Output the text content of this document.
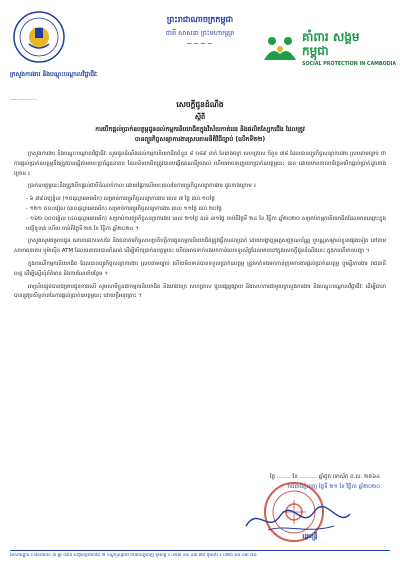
ព្រះរាជាណាចក្រកម្ពុជា
ជាតិ សាសនា ព្រះមហាក្សត្រ
~~~~	គាំពារ សង្គម កម្ពុជា
SOCIAL PROTECTION IN CAMBODIA
ក្រសួងការងារ និងបណ្តុះបណ្តាលវិជ្ជាជីវៈ
.................
សេចក្តីជូនដំណឹង
ស្តីពី
ការបើកផ្តល់ប្រាក់ឧបត្ថម្ភជូនដល់កម្មករនិយោជិតក្នុងវិស័យកាត់ដេរ និងផលិតស្បែកជើង ដែលត្រូវ
បានព្យួរកិច្ចសន្យាការងារស្របតាមនីតិវិធីច្បាប់ (លើកទី២២)

ក្រសួងការងារ និងបណ្តុះបណ្តាលវិជ្ជាជីវៈ សូមជូនដំណឹងដល់កម្មករនិយោជិតចំនួន ៨ ០៨៩ នាក់ នៃរោងចក្រ សហគ្រាស ចំនួន ៧៨ ដែលបានព្យួរកិច្ចសន្យាការងារ ស្របតាមច្បាប់ ថាការផ្តល់ប្រាក់ឧបត្ថម្ភនឹងត្រូវបានធ្វើតាមរយៈប្រព័ន្ធធនាគារ ដែលនិយោជិតត្រូវបានបង្កើតគណនីរួចរាល់ ហើយអាចទាញយកប្រាក់ឧបត្ថម្ភនេះ បាន ដោយមានកាលបរិច្ឆេទបើកផ្តល់ប្រាក់ដូចខាងក្រោម ៖

ប្រាក់ឧបត្ថម្ភនេះនឹងត្រូវបើកផ្តល់ជាបីដំណាក់កាល ដោយផ្អែកលើរយៈពេលនៃការព្យួរកិច្ចសន្យាការងារ ដូចខាងក្រោម ៖

- ៦ ៧៩០ប្រៀល (១៥ដុល្លារអាមេរិក) សម្រាប់ការព្យួរកិច្ចសន្យាការងារ ពេល ៧ ថ្ងៃ ដល់ ១០ថ្ងៃ
- ១២១ ៥០០រៀល (៣០ដុល្លារអាមេរិក) សម្រាប់ការព្យួរកិច្ចសន្យាការងារ ពេល ១១ថ្ងៃ ដល់ ២០ថ្ងៃ
- ១៦២ ០០០រៀល (៤០ដុល្លារអាមេរិក) សម្រាប់ការព្យួរកិច្ចសន្យាការងារ ពេល ២១ថ្ងៃ ដល់ ៣១ថ្ងៃ ចាប់ពីថ្ងៃទី ២៤ ខែ វិច្ឆិកា ឆ្នាំ២០២០ សម្រាប់កម្មករនិយោជិតដែលមានឈ្មោះក្នុងបញ្ជីទូទាត់ ហើយ ចាប់ពីថ្ងៃទី ២៥ ខែ វិច្ឆិកា ឆ្នាំ២០២០ ។

ក្រសួងសូមជម្រាបជូន ធនាគារឯកទេសនៃ និងធនាគារកិច្ចសហប្រតិបត្តិការជូនកម្មករនិយោជិតត្រូវធ្វើការដកប្រាក់ ដោយបង្ហាញអត្តសញ្ញាណប័ណ្ណ ឬបណ្ណសម្គាល់ខ្លួនផ្សេងទៀត នៅតាមសាខាធនាគារ ឬម៉ាស៊ីន ATM ដែលធនាគារបានកំណត់ ដើម្បីបើកប្រាក់ឧបត្ថម្ភនេះ ហើយអាចទាក់ទងមកកាន់លេខទូរស័ព្ទដែលមាននៅក្នុងសេចក្តីជូនដំណឹងនេះ ក្នុងករណីមានបញ្ហា ។

ក្នុងករណីកម្មករនិយោជិត ដែលបានព្យួរកិច្ចសន្យាការងារ ស្របតាមច្បាប់ ហើយមិនទាន់បានទទួលប្រាក់ឧបត្ថម្ភ ត្រូវទាក់ទងមកកាន់ក្រុមការងារផ្តល់ប្រាក់ឧបត្ថម្ភ ឬមន្ទីរការងារ រាជធានី ខេត្ត ដើម្បីស្នើសុំព័ត៌មាន និងការណែនាំបន្ថែម ។

អាស្រ័យដូចបានជម្រាបជូនខាងលើ សូមសាមីខ្លួនជាកម្មករនិយោជិត និងរោងចក្រ សហគ្រាស ជួយផ្សព្វផ្សាយ និងសហការជាមួយក្រសួងការងារ និងបណ្តុះបណ្តាលវិជ្ជាជីវៈ ដើម្បីធានាបាននូវប្រសិទ្ធភាពនៃការផ្តល់ប្រាក់ឧបត្ថម្ភនេះ ដោយក្តីអនុគ្រោះ ។

ថ្ងៃ ........ ខែ .......... ឆ្នាំជូត ទោស័ក ព.ស. ២៥៦៤
រាជធានីភ្នំពេញ ថ្ងៃទី ២១ ខែ វិច្ឆិកា ឆ្នាំ២០២០
រដ្ឋមន្ត្រី
អាសយដ្ឋាន ៖ អគារលេខ ៣ ផ្លូវ ៥៩៨ សង្កាត់ច្រាំងចំរេះ ២ ខណ្ឌឬស្សីកែវ រាជធានីភ្នំពេញ ទូរស័ព្ទ ៖ ០២៣ ៨៨ ៤៣ ៧៥ ទូរសារ ៖ ០២៣ ៨៨ ៤៣ ៧៦
